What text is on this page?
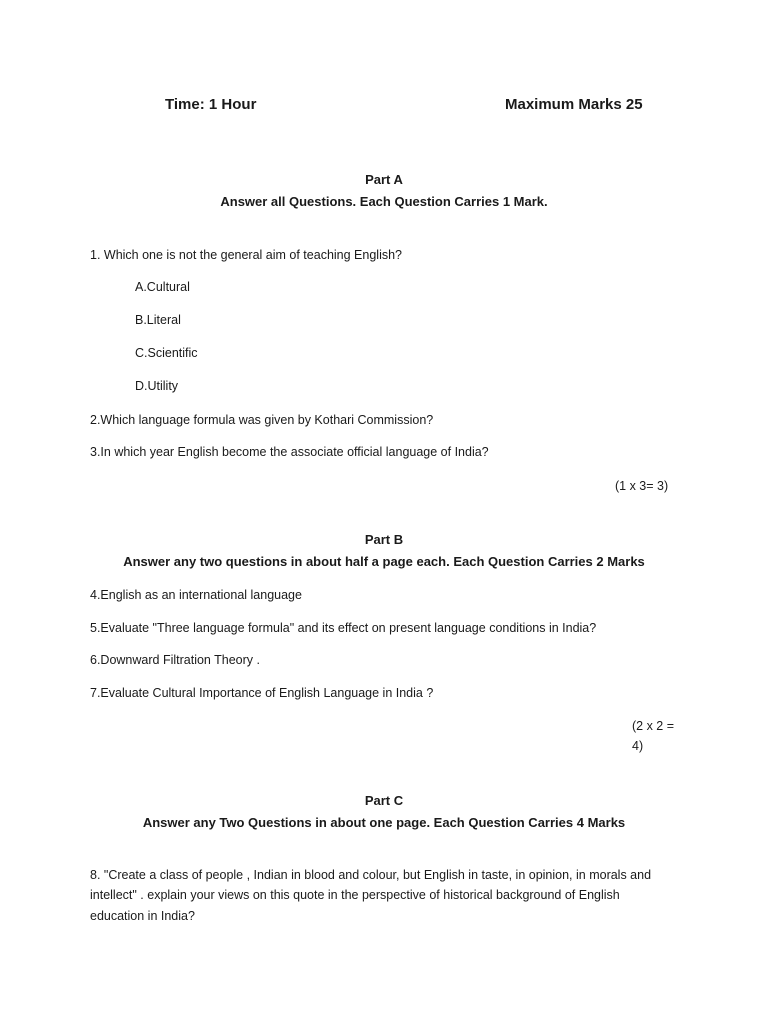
Time: 1 Hour	Maximum Marks 25
Part A
Answer all Questions. Each Question Carries 1 Mark.
1. Which one is not the general aim of teaching English?
A.Cultural
B.Literal
C.Scientific
D.Utility
2.Which language formula was given by Kothari Commission?
3.In which year English become the associate official language of India?
(1 x 3= 3)
Part B
Answer any two questions in about half a page each. Each Question Carries 2 Marks
4.English as an international language
5.Evaluate "Three language formula" and its effect on present language conditions in India?
6.Downward Filtration Theory .
7.Evaluate Cultural Importance of English Language in India ?
(2 x 2 =
4)
Part C
Answer any Two Questions in about one page. Each Question Carries 4 Marks
8. "Create a class of people , Indian in blood and colour, but English in taste, in opinion, in morals and
intellect" . explain your views on this quote in the perspective of historical background of English
education in India?
